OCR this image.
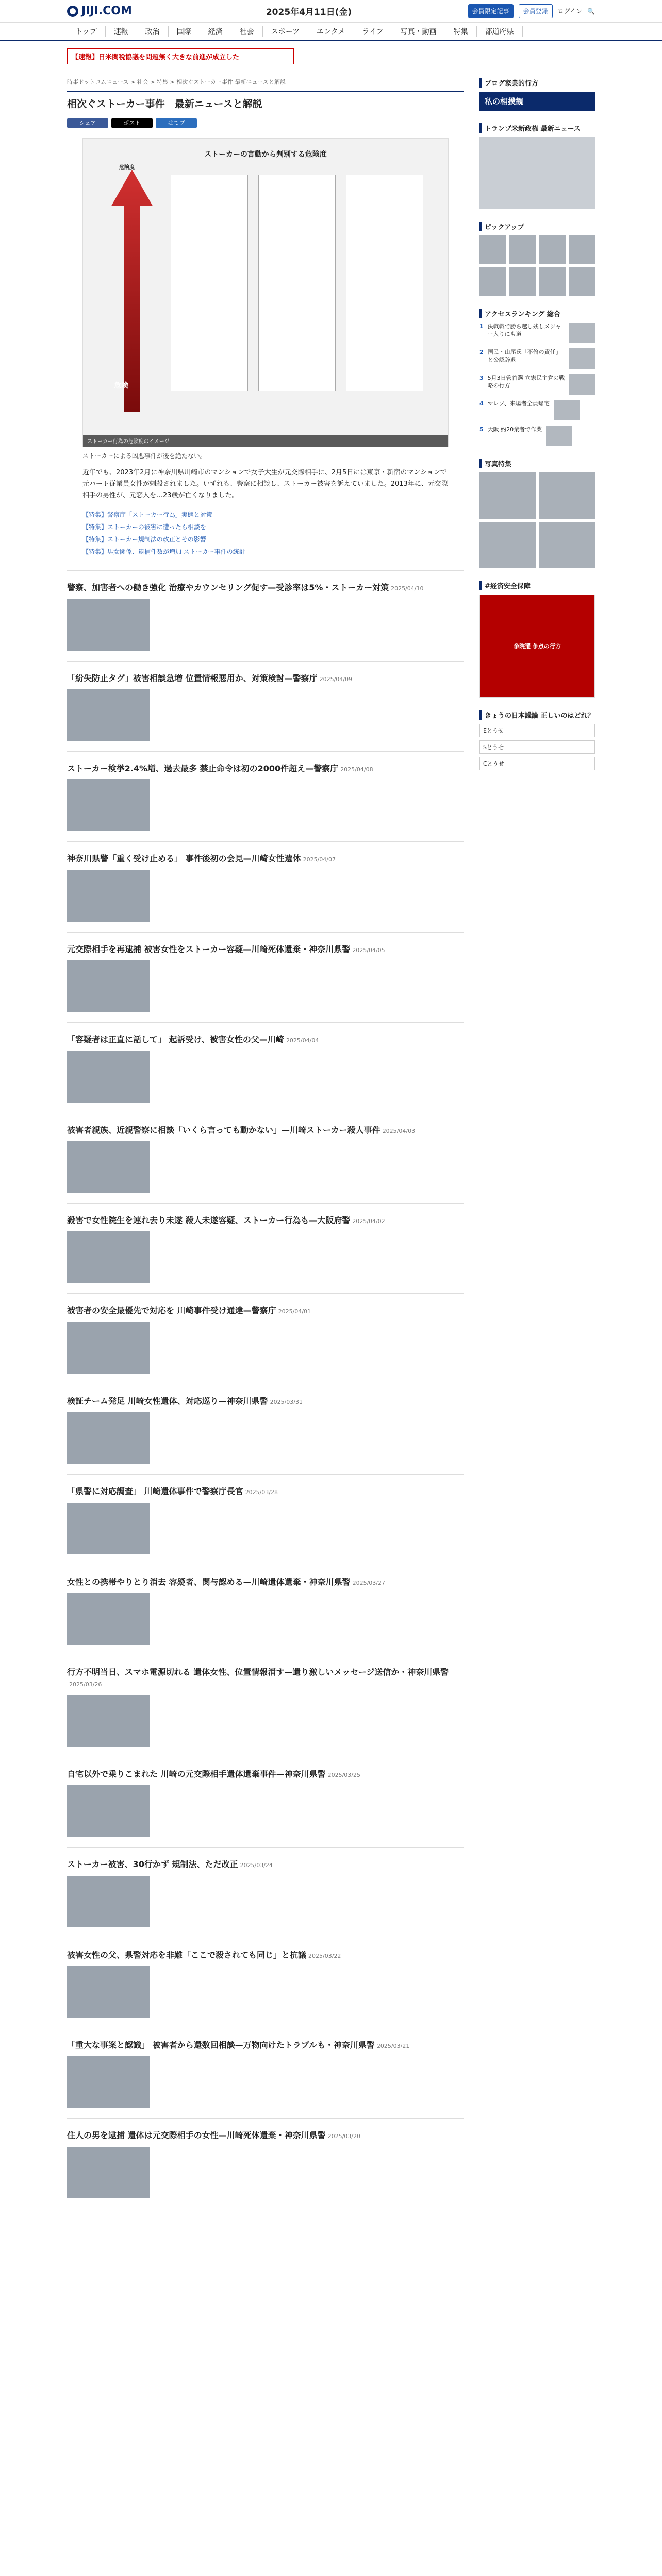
JIJI.COM	2025年4月11日(金)	会員限定記事	会員登録	ログイン 🔍
トップ	速報	政治	国際	経済	社会	スポーツ	エンタメ	ライフ	写真・動画	特集	都道府県
【速報】日米関税協議を問題無く大きな前進が成立した
時事ドットコムニュース > 社会 > 特集 > 相次ぐストーカー事件 最新ニュースと解説
相次ぐストーカー事件　最新ニュースと解説
シェア	ポスト	はてブ
ストーカーの言動から判別する危険度
危険度
危険
ストーカー行為の危険度のイメージ
ストーカーによる凶悪事件が後を絶たない。

近年でも、2023年2月に神奈川県川崎市のマンションで女子大生が元交際相手に、2月5日には東京・新宿のマンションで元パート従業員女性が刺殺されました。いずれも、警察に相談し、ストーカー被害を訴えていました。2013年に、元交際相手の男性が、元恋人を…23歳が亡くなりました。

【特集】警察庁「ストーカー行為」実態と対策
【特集】ストーカーの被害に遭ったら相談を
【特集】ストーカー規制法の改正とその影響
【特集】男女関係、逮捕件数が増加 ストーカー事件の統計
警察、加害者への働き強化 治療やカウンセリング促す—受診率は5%・ストーカー対策 2025/04/10
「紛失防止タグ」被害相談急増 位置情報悪用か、対策検討—警察庁 2025/04/09
ストーカー検挙2.4%増、過去最多 禁止命令は初の2000件超え—警察庁 2025/04/08
神奈川県警「重く受け止める」 事件後初の会見—川崎女性遺体 2025/04/07
元交際相手を再逮捕 被害女性をストーカー容疑—川崎死体遺棄・神奈川県警 2025/04/05
「容疑者は正直に話して」 起訴受け、被害女性の父—川崎 2025/04/04
被害者親族、近親警察に相談「いくら言っても動かない」—川崎ストーカー殺人事件 2025/04/03
殺害で女性院生を連れ去り未遂 殺人未遂容疑、ストーカー行為も—大阪府警 2025/04/02
被害者の安全最優先で対応を 川崎事件受け通達—警察庁 2025/04/01
検証チーム発足 川崎女性遺体、対応巡り—神奈川県警 2025/03/31
「県警に対応調査」 川崎遺体事件で警察庁長官 2025/03/28
女性との携帯やりとり消去 容疑者、関与認める—川崎遺体遺棄・神奈川県警 2025/03/27
行方不明当日、スマホ電源切れる 遺体女性、位置情報消す—遺り激しいメッセージ送信か・神奈川県警2025/03/26
自宅以外で乗りこまれた 川崎の元交際相手遺体遺棄事件—神奈川県警 2025/03/25
ストーカー被害、30行かず 規制法、ただ改正 2025/03/24
被害女性の父、県警対応を非難「ここで殺されても同じ」と抗議 2025/03/22
「重大な事案と認識」 被害者から還数回相談—万物向けたトラブルも・神奈川県警 2025/03/21
住人の男を逮捕 遺体は元交際相手の女性—川崎死体遺棄・神奈川県警 2025/03/20
ブログ家業的行方
私の相撲観
トランプ米新政権 最新ニュース
ピックアップ
アクセスランキング 総合
1 決戦戦で勝ち越し残しメジャー入りにも道
2 国民・山尾氏「不倫の責任」と公認辞退
3 5月3日管首選 立憲民主党の戦略の行方
4 マレソ、来場者全員帰宅
5 大阪 約20業者で作業
写真特集
#経済安全保障
参院選 争点の行方
きょうの日本議論 正しいのはどれ？
Eとうせ
Sとうせ
Cとうせ
